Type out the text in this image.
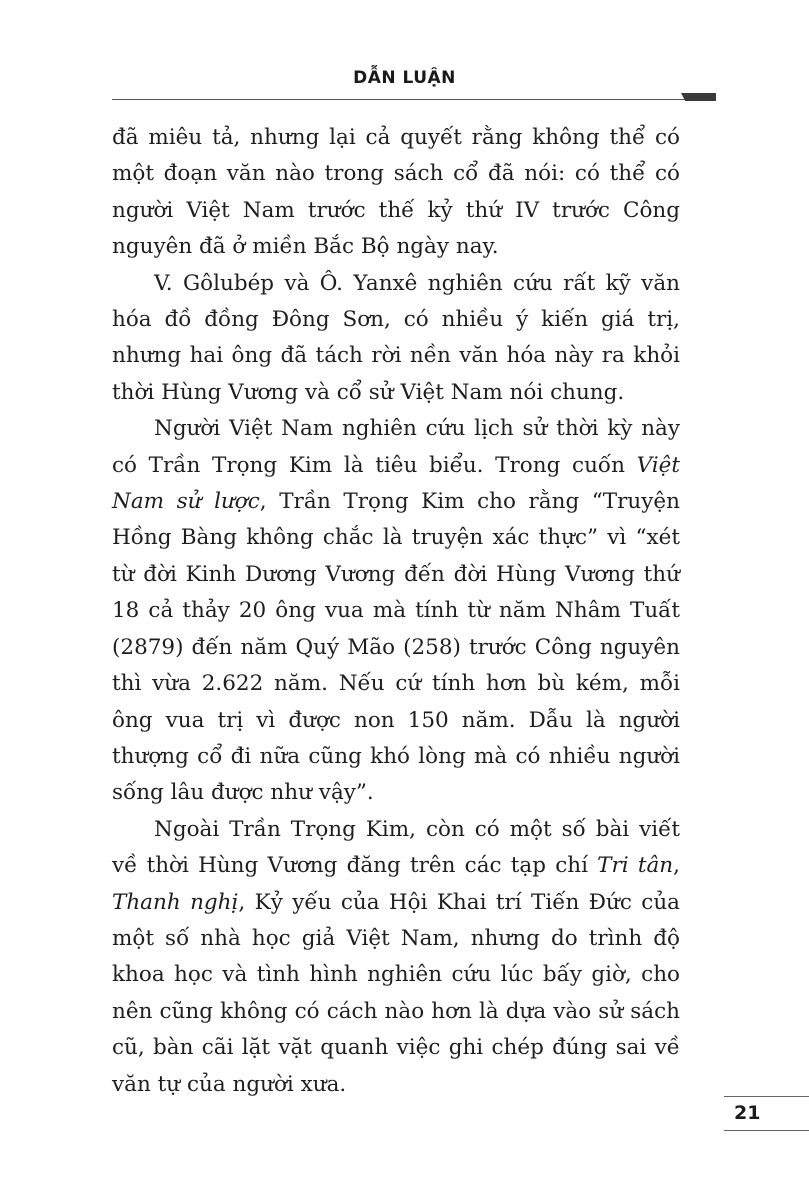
DẪN LUẬN

đã miêu tả, nhưng lại cả quyết rằng không thể có một đoạn văn nào trong sách cổ đã nói: có thể có người Việt Nam trước thế kỷ thứ IV trước Công nguyên đã ở miền Bắc Bộ ngày nay.

V. Gôlubép và Ô. Yanxê nghiên cứu rất kỹ văn hóa đồ đồng Đông Sơn, có nhiều ý kiến giá trị, nhưng hai ông đã tách rời nền văn hóa này ra khỏi thời Hùng Vương và cổ sử Việt Nam nói chung.

Người Việt Nam nghiên cứu lịch sử thời kỳ này có Trần Trọng Kim là tiêu biểu. Trong cuốn Việt Nam sử lược, Trần Trọng Kim cho rằng “Truyện Hồng Bàng không chắc là truyện xác thực” vì “xét từ đời Kinh Dương Vương đến đời Hùng Vương thứ 18 cả thảy 20 ông vua mà tính từ năm Nhâm Tuất (2879) đến năm Quý Mão (258) trước Công nguyên thì vừa 2.622 năm. Nếu cứ tính hơn bù kém, mỗi ông vua trị vì được non 150 năm. Dẫu là người thượng cổ đi nữa cũng khó lòng mà có nhiều người sống lâu được như vậy”.

Ngoài Trần Trọng Kim, còn có một số bài viết về thời Hùng Vương đăng trên các tạp chí Tri tân, Thanh nghị, Kỷ yếu của Hội Khai trí Tiến Đức của một số nhà học giả Việt Nam, nhưng do trình độ khoa học và tình hình nghiên cứu lúc bấy giờ, cho nên cũng không có cách nào hơn là dựa vào sử sách cũ, bàn cãi lặt vặt quanh việc ghi chép đúng sai về văn tự của người xưa.

21
